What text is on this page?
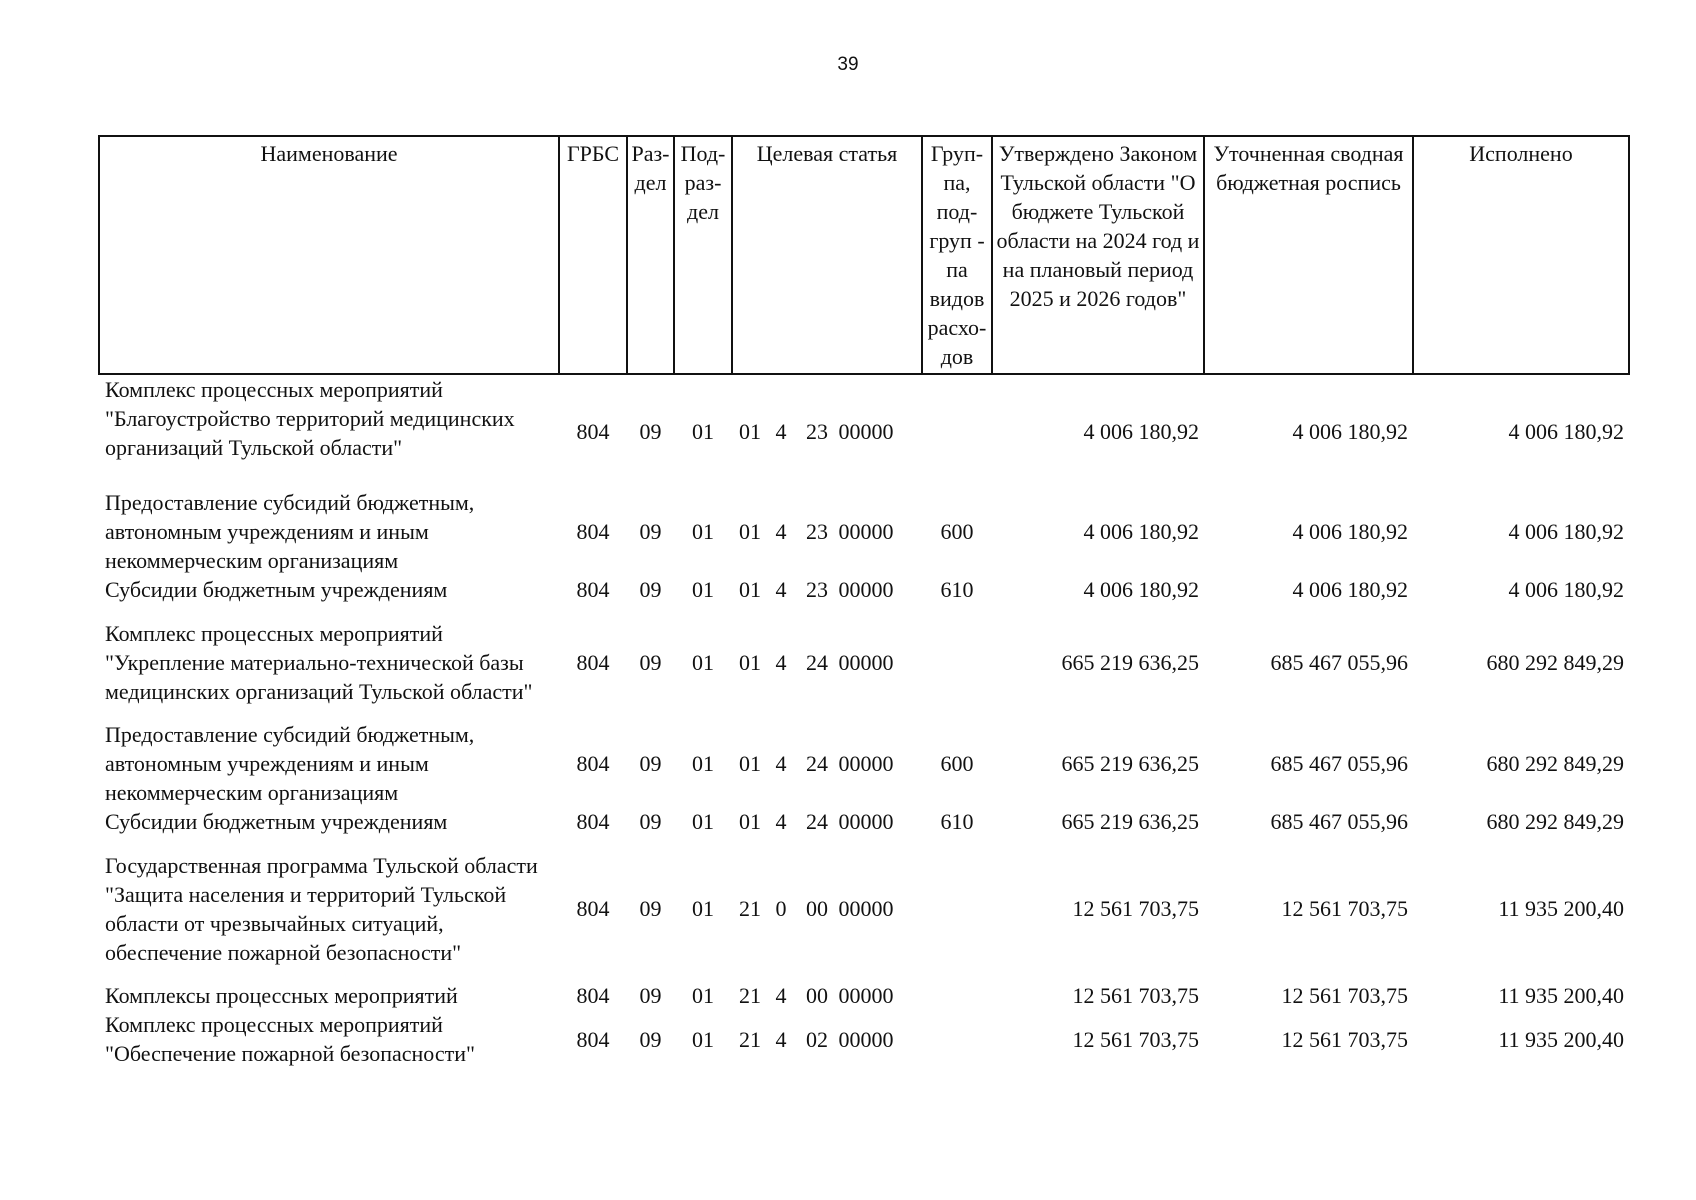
39
Наименование	ГРБС	Раз-дел	Под-раз-дел	Целевая статья	Груп-па, под-груп - па видов расхо-дов	Утверждено Законом Тульской области "О бюджете Тульской области на 2024 год и на плановый период 2025 и 2026 годов"	Уточненная сводная бюджетная роспись	Исполнено
Комплекс процессных мероприятий "Благоустройство территорий медицинских организаций Тульской области"	804	09	01	01 4 23 00000		4 006 180,92	4 006 180,92	4 006 180,92
Предоставление субсидий бюджетным, автономным учреждениям и иным некоммерческим организациям	804	09	01	01 4 23 00000	600	4 006 180,92	4 006 180,92	4 006 180,92
Субсидии бюджетным учреждениям	804	09	01	01 4 23 00000	610	4 006 180,92	4 006 180,92	4 006 180,92
Комплекс процессных мероприятий "Укрепление материально-технической базы медицинских организаций Тульской области"	804	09	01	01 4 24 00000		665 219 636,25	685 467 055,96	680 292 849,29
Предоставление субсидий бюджетным, автономным учреждениям и иным некоммерческим организациям	804	09	01	01 4 24 00000	600	665 219 636,25	685 467 055,96	680 292 849,29
Субсидии бюджетным учреждениям	804	09	01	01 4 24 00000	610	665 219 636,25	685 467 055,96	680 292 849,29
Государственная программа Тульской области "Защита населения и территорий Тульской области от чрезвычайных ситуаций, обеспечение пожарной безопасности"	804	09	01	21 0 00 00000		12 561 703,75	12 561 703,75	11 935 200,40
Комплексы процессных мероприятий	804	09	01	21 4 00 00000		12 561 703,75	12 561 703,75	11 935 200,40
Комплекс процессных мероприятий "Обеспечение пожарной безопасности"	804	09	01	21 4 02 00000		12 561 703,75	12 561 703,75	11 935 200,40
